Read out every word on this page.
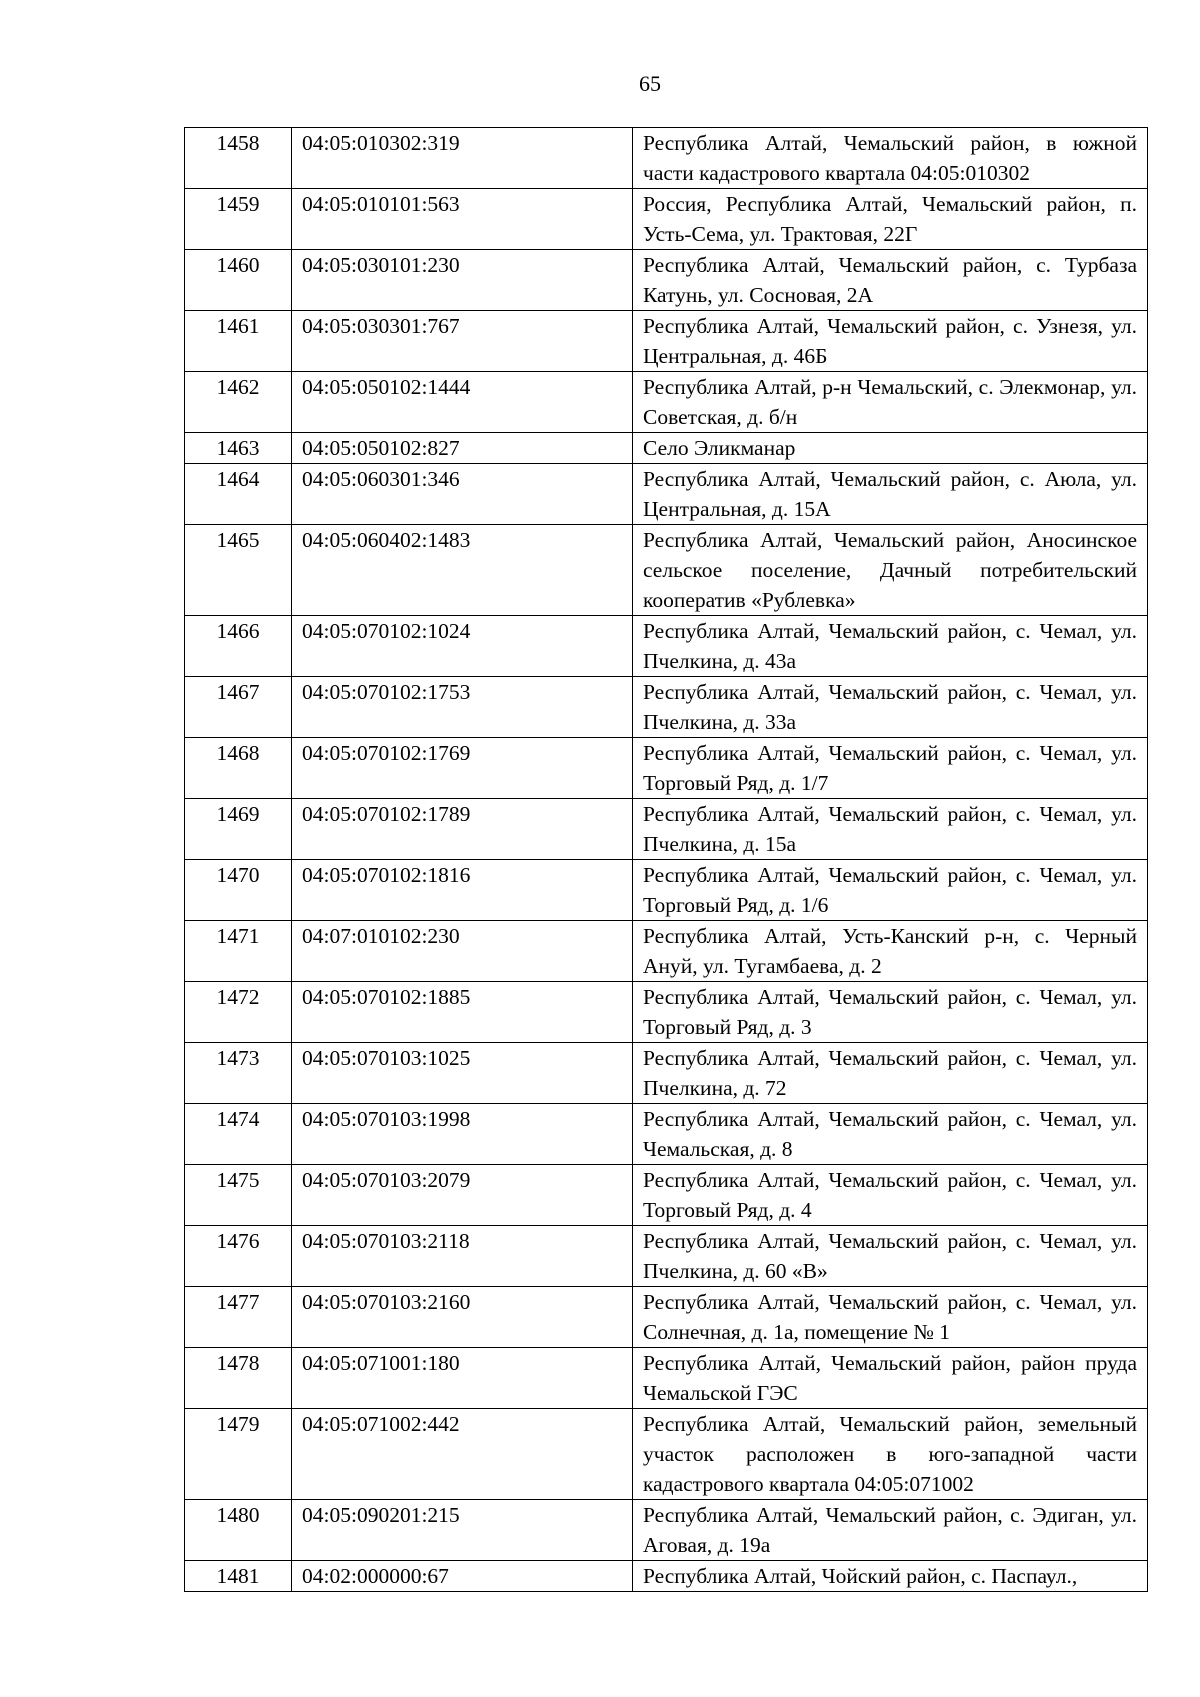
65
1458	04:05:010302:319	Республика Алтай, Чемальский район, в южной части кадастрового квартала 04:05:010302
1459	04:05:010101:563	Россия, Республика Алтай, Чемальский район, п. Усть-Сема, ул. Трактовая, 22Г
1460	04:05:030101:230	Республика Алтай, Чемальский район, с. Турбаза Катунь, ул. Сосновая, 2А
1461	04:05:030301:767	Республика Алтай, Чемальский район, с. Узнезя, ул. Центральная, д. 46Б
1462	04:05:050102:1444	Республика Алтай, р-н Чемальский, с. Элекмонар, ул. Советская, д. б/н
1463	04:05:050102:827	Село Эликманар
1464	04:05:060301:346	Республика Алтай, Чемальский район, с. Аюла, ул. Центральная, д. 15А
1465	04:05:060402:1483	Республика Алтай, Чемальский район, Аносинское сельское поселение, Дачный потребительский кооператив «Рублевка»
1466	04:05:070102:1024	Республика Алтай, Чемальский район, с. Чемал, ул. Пчелкина, д. 43а
1467	04:05:070102:1753	Республика Алтай, Чемальский район, с. Чемал, ул. Пчелкина, д. 33а
1468	04:05:070102:1769	Республика Алтай, Чемальский район, с. Чемал, ул. Торговый Ряд, д. 1/7
1469	04:05:070102:1789	Республика Алтай, Чемальский район, с. Чемал, ул. Пчелкина, д. 15а
1470	04:05:070102:1816	Республика Алтай, Чемальский район, с. Чемал, ул. Торговый Ряд, д. 1/6
1471	04:07:010102:230	Республика Алтай, Усть-Канский р-н, с. Черный Ануй, ул. Тугамбаева, д. 2
1472	04:05:070102:1885	Республика Алтай, Чемальский район, с. Чемал, ул. Торговый Ряд, д. 3
1473	04:05:070103:1025	Республика Алтай, Чемальский район, с. Чемал, ул. Пчелкина, д. 72
1474	04:05:070103:1998	Республика Алтай, Чемальский район, с. Чемал, ул. Чемальская, д. 8
1475	04:05:070103:2079	Республика Алтай, Чемальский район, с. Чемал, ул. Торговый Ряд, д. 4
1476	04:05:070103:2118	Республика Алтай, Чемальский район, с. Чемал, ул. Пчелкина, д. 60 «В»
1477	04:05:070103:2160	Республика Алтай, Чемальский район, с. Чемал, ул. Солнечная, д. 1а, помещение № 1
1478	04:05:071001:180	Республика Алтай, Чемальский район, район пруда Чемальской ГЭС
1479	04:05:071002:442	Республика Алтай, Чемальский район, земельный участок расположен в юго-западной части кадастрового квартала 04:05:071002
1480	04:05:090201:215	Республика Алтай, Чемальский район, с. Эдиган, ул. Аговая, д. 19а
1481	04:02:000000:67	Республика Алтай, Чойский район, с. Паспаул.,
